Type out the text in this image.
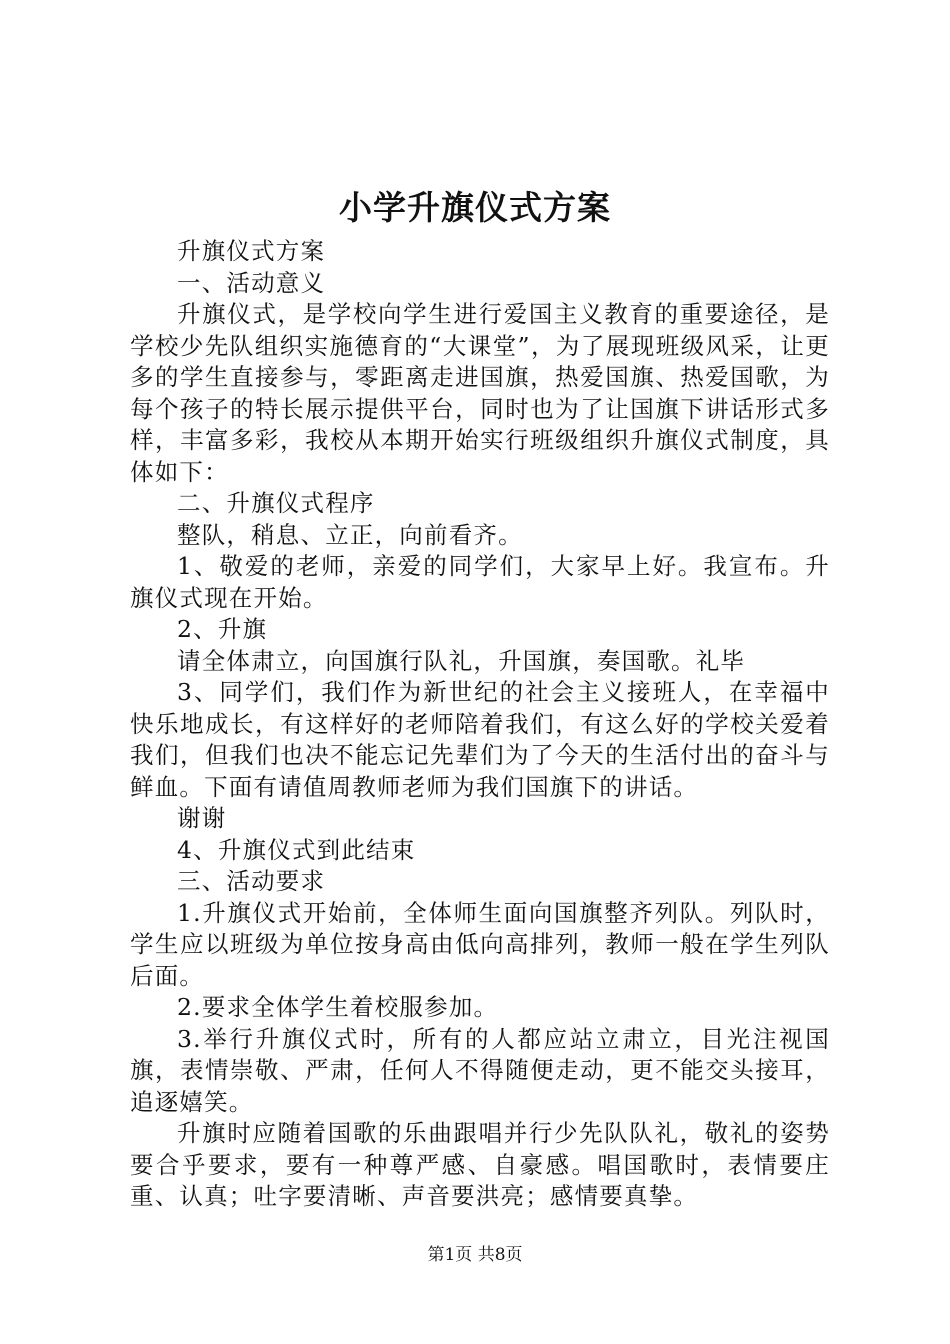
小学升旗仪式方案

升旗仪式方案

一、活动意义

升旗仪式，是学校向学生进行爱国主义教育的重要途径，是学校少先队组织实施德育的“大课堂”，为了展现班级风采，让更多的学生直接参与，零距离走进国旗，热爱国旗、热爱国歌，为每个孩子的特长展示提供平台，同时也为了让国旗下讲话形式多样，丰富多彩，我校从本期开始实行班级组织升旗仪式制度，具体如下：

二、升旗仪式程序

整队，稍息、立正，向前看齐。

1、敬爱的老师，亲爱的同学们，大家早上好。我宣布。升旗仪式现在开始。

2、升旗

请全体肃立，向国旗行队礼，升国旗，奏国歌。礼毕

3、同学们，我们作为新世纪的社会主义接班人，在幸福中快乐地成长，有这样好的老师陪着我们，有这么好的学校关爱着我们，但我们也决不能忘记先辈们为了今天的生活付出的奋斗与鲜血。下面有请值周教师老师为我们国旗下的讲话。

谢谢

4、升旗仪式到此结束

三、活动要求

1.升旗仪式开始前，全体师生面向国旗整齐列队。列队时，学生应以班级为单位按身高由低向高排列，教师一般在学生列队后面。

2.要求全体学生着校服参加。

3.举行升旗仪式时，所有的人都应站立肃立，目光注视国旗，表情崇敬、严肃，任何人不得随便走动，更不能交头接耳，追逐嬉笑。

升旗时应随着国歌的乐曲跟唱并行少先队队礼，敬礼的姿势要合乎要求，要有一种尊严感、自豪感。唱国歌时，表情要庄重、认真；吐字要清晰、声音要洪亮；感情要真挚。

第1页 共8页
